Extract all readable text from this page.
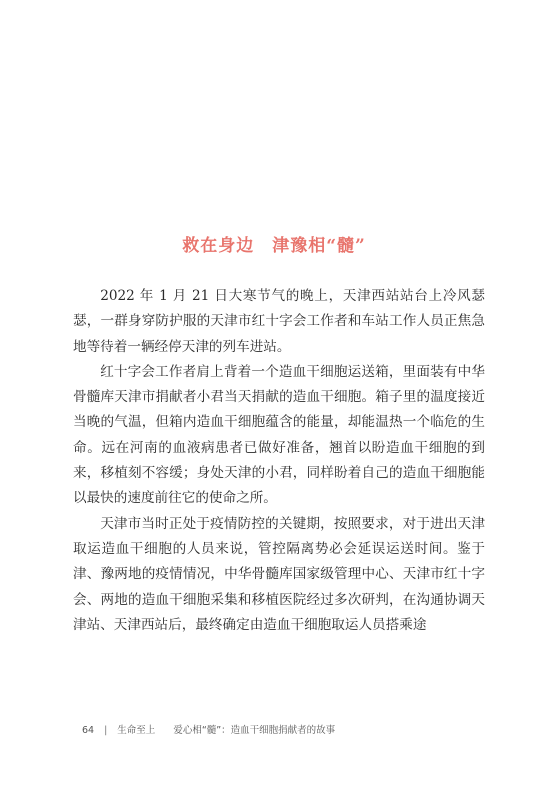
救在身边　津豫相“髓”

2022 年 1 月 21 日大寒节气的晚上，天津西站站台上冷风瑟瑟，一群身穿防护服的天津市红十字会工作者和车站工作人员正焦急地等待着一辆经停天津的列车进站。

红十字会工作者肩上背着一个造血干细胞运送箱，里面装有中华骨髓库天津市捐献者小君当天捐献的造血干细胞。箱子里的温度接近当晚的气温，但箱内造血干细胞蕴含的能量，却能温热一个临危的生命。远在河南的血液病患者已做好准备，翘首以盼造血干细胞的到来，移植刻不容缓；身处天津的小君，同样盼着自己的造血干细胞能以最快的速度前往它的使命之所。

天津市当时正处于疫情防控的关键期，按照要求，对于进出天津取运造血干细胞的人员来说，管控隔离势必会延误运送时间。鉴于津、豫两地的疫情情况，中华骨髓库国家级管理中心、天津市红十字会、两地的造血干细胞采集和移植医院经过多次研判，在沟通协调天津站、天津西站后，最终确定由造血干细胞取运人员搭乘途

64 | 生命至上 爱心相“髓”：造血干细胞捐献者的故事
